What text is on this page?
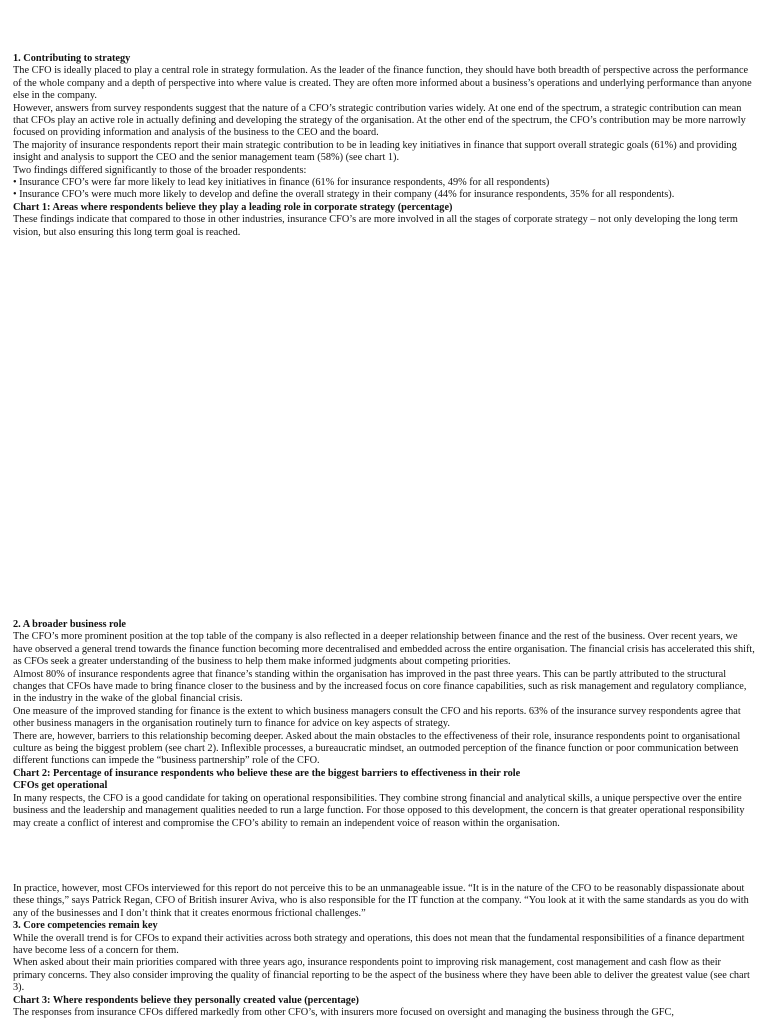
1. Contributing to strategy

The CFO is ideally placed to play a central role in strategy formulation. As the leader of the finance function, they should have both breadth of perspective across the performance of the whole company and a depth of perspective into where value is created. They are often more informed about a business’s operations and underlying performance than anyone else in the company.

However, answers from survey respondents suggest that the nature of a CFO’s strategic contribution varies widely. At one end of the spectrum, a strategic contribution can mean that CFOs play an active role in actually defining and developing the strategy of the organisation. At the other end of the spectrum, the CFO’s contribution may be more narrowly focused on providing information and analysis of the business to the CEO and the board.

The majority of insurance respondents report their main strategic contribution to be in leading key initiatives in finance that support overall strategic goals (61%) and providing insight and analysis to support the CEO and the senior management team (58%) (see chart 1).

Two findings differed significantly to those of the broader respondents:

• Insurance CFO’s were far more likely to lead key initiatives in finance (61% for insurance respondents, 49% for all respondents)

• Insurance CFO’s were much more likely to develop and define the overall strategy in their company (44% for insurance respondents, 35% for all respondents).

Chart 1: Areas where respondents believe they play a leading role in corporate strategy (percentage)

These findings indicate that compared to those in other industries, insurance CFO’s are more involved in all the stages of corporate strategy – not only developing the long term vision, but also ensuring this long term goal is reached.

2. A broader business role

The CFO’s more prominent position at the top table of the company is also reflected in a deeper relationship between finance and the rest of the business. Over recent years, we have observed a general trend towards the finance function becoming more decentralised and embedded across the entire organisation. The financial crisis has accelerated this shift, as CFOs seek a greater understanding of the business to help them make informed judgments about competing priorities.

Almost 80% of insurance respondents agree that finance’s standing within the organisation has improved in the past three years. This can be partly attributed to the structural changes that CFOs have made to bring finance closer to the business and by the increased focus on core finance capabilities, such as risk management and regulatory compliance, in the industry in the wake of the global financial crisis.

One measure of the improved standing for finance is the extent to which business managers consult the CFO and his reports. 63% of the insurance survey respondents agree that other business managers in the organisation routinely turn to finance for advice on key aspects of strategy.

There are, however, barriers to this relationship becoming deeper. Asked about the main obstacles to the effectiveness of their role, insurance respondents point to organisational culture as being the biggest problem (see chart 2). Inflexible processes, a bureaucratic mindset, an outmoded perception of the finance function or poor communication between different functions can impede the “business partnership” role of the CFO.

Chart 2: Percentage of insurance respondents who believe these are the biggest barriers to effectiveness in their role

CFOs get operational

In many respects, the CFO is a good candidate for taking on operational responsibilities. They combine strong financial and analytical skills, a unique perspective over the entire business and the leadership and management qualities needed to run a large function. For those opposed to this development, the concern is that greater operational responsibility may create a conflict of interest and compromise the CFO’s ability to remain an independent voice of reason within the organisation.

In practice, however, most CFOs interviewed for this report do not perceive this to be an unmanageable issue. “It is in the nature of the CFO to be reasonably dispassionate about these things,” says Patrick Regan, CFO of British insurer Aviva, who is also responsible for the IT function at the company. “You look at it with the same standards as you do with any of the businesses and I don’t think that it creates enormous frictional challenges.”

3. Core competencies remain key

While the overall trend is for CFOs to expand their activities across both strategy and operations, this does not mean that the fundamental responsibilities of a finance department have become less of a concern for them.

When asked about their main priorities compared with three years ago, insurance respondents point to improving risk management, cost management and cash flow as their primary concerns. They also consider improving the quality of financial reporting to be the aspect of the business where they have been able to deliver the greatest value (see chart 3).

Chart 3: Where respondents believe they personally created value (percentage)

The responses from insurance CFOs differed markedly from other CFO’s, with insurers more focused on oversight and managing the business through the GFC,
